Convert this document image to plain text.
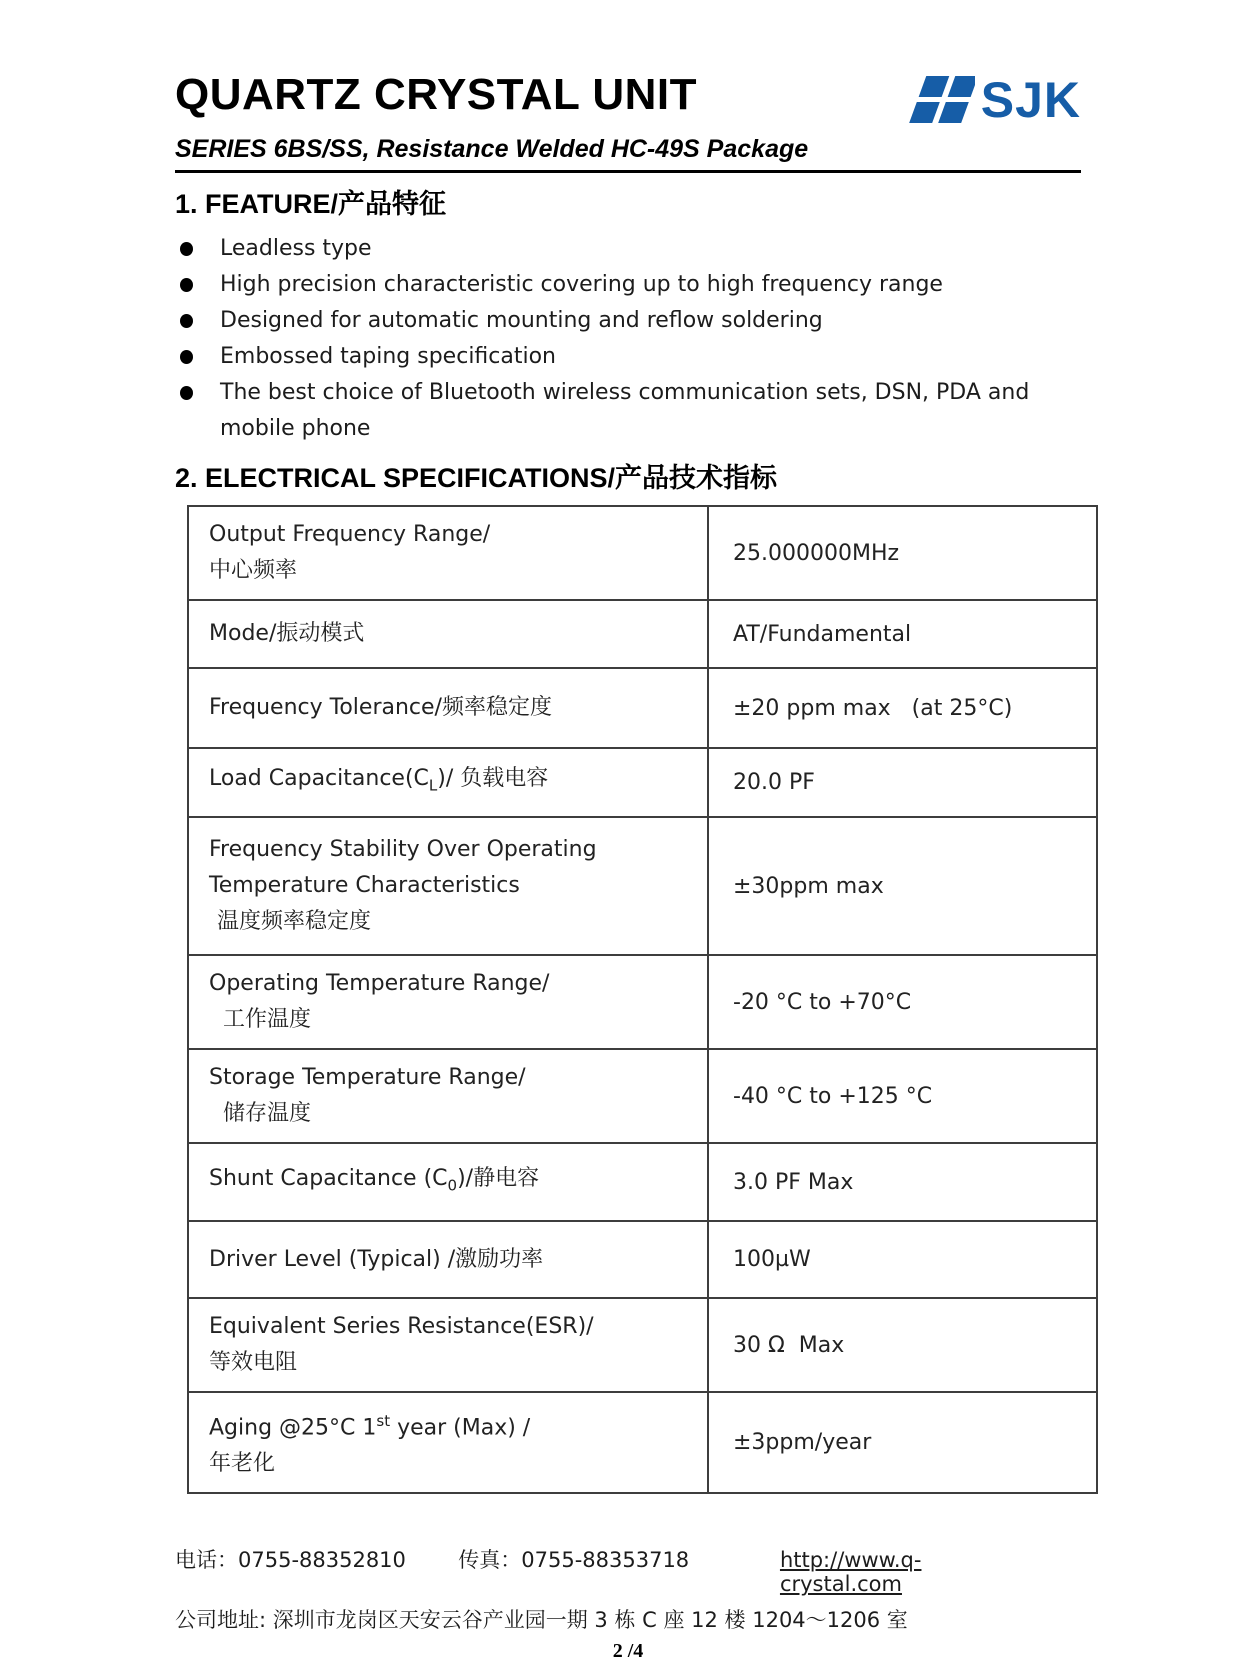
QUARTZ CRYSTAL UNIT	SJK
SERIES 6BS/SS, Resistance Welded HC-49S Package
1. FEATURE/产品特征
Leadless type
High precision characteristic covering up to high frequency range
Designed for automatic mounting and reflow soldering
Embossed taping specification
The best choice of Bluetooth wireless communication sets, DSN, PDA and mobile phone
2. ELECTRICAL SPECIFICATIONS/产品技术指标
Output Frequency Range/
中心频率	25.000000MHz

Mode/振动模式	AT/Fundamental

Frequency Tolerance/频率稳定度	±20 ppm max   (at 25°C)

Load $Capacitance(C_L)/$ 负载电容	20.0 PF

Frequency Stability Over Operating
Temperature Characteristics
温度频率稳定度	±30ppm max

Operating Temperature Range/
工作温度	-20 °C to +70°C

Storage Temperature Range/
储存温度	-40 °C to +125 °C

Shunt Capacitance $(C_0)/$静电容	3.0 PF Max

Driver Level (Typical) /激励功率	100µW

Equivalent Series Resistance(ESR)/
等效电阻	30 Ω  Max

Aging @25°C 1st year (Max) /
年老化	±3ppm/year
电话：0755-88352810	传真：0755-88353718	http://www.q-crystal.com
公司地址: 深圳市龙岗区天安云谷产业园一期 3 栋 C 座 12 楼 1204～1206 室
2 /4
